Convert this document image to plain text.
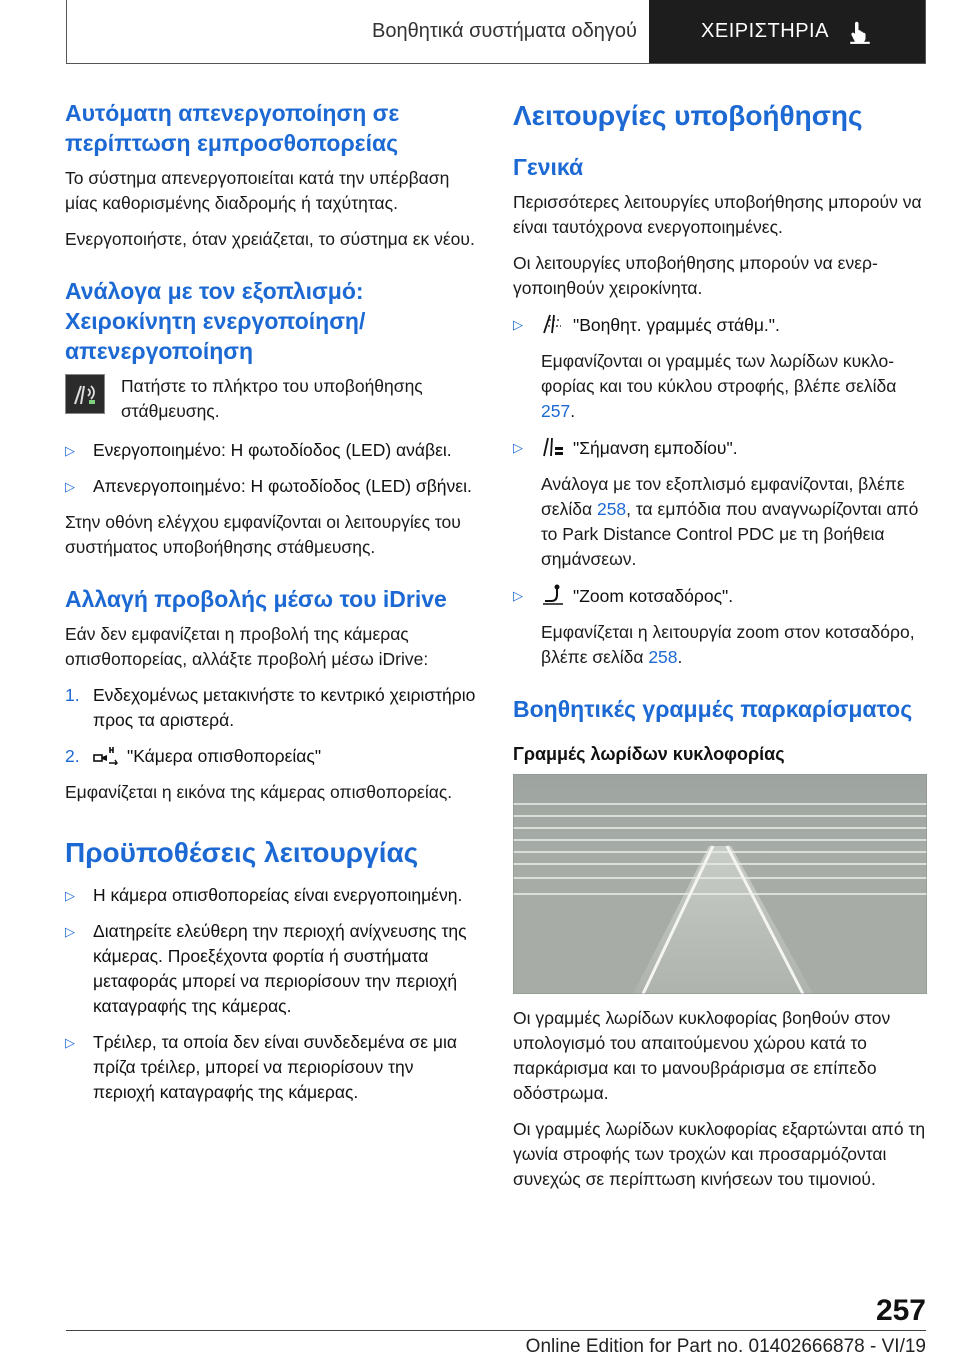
Βοηθητικά συστήματα οδηγού	ΧΕΙΡΙΣΤΗΡΙΑ
Αυτόματη απενεργοποίηση σε περίπτωση εμπροσθοπορείας

Το σύστημα απενεργοποιείται κατά την υπέρβαση μίας καθορισμένης διαδρομής ή ταχύτητας.

Ενεργοποιήστε, όταν χρειάζεται, το σύστημα εκ νέου.

Ανάλογα με τον εξοπλισμό: Χειροκίνητη ενεργοποίηση/ απενεργοποίηση

Πατήστε το πλήκτρο του υποβοήθησης στάθμευσης.

▷	Ενεργοποιημένο: Η φωτοδίοδος (LED) ανάβει.
▷	Απενεργοποιημένο: Η φωτοδίοδος (LED) σβήνει.

Στην οθόνη ελέγχου εμφανίζονται οι λειτουργίες του συστήματος υποβοήθησης στάθμευσης.

Αλλαγή προβολής μέσω του iDrive

Εάν δεν εμφανίζεται η προβολή της κάμερας οπισθοπορείας, αλλάξτε προβολή μέσω iDrive:

1. Ενδεχομένως μετακινήστε το κεντρικό χειριστήριο προς τα αριστερά.
2.	"Κάμερα οπισθοπορείας"

Εμφανίζεται η εικόνα της κάμερας οπισθοπορείας.

Προϋποθέσεις λειτουργίας
▷	Η κάμερα οπισθοπορείας είναι ενεργοποιημένη.
▷	Διατηρείτε ελεύθερη την περιοχή ανίχνευσης της κάμερας. Προεξέχοντα φορτία ή συστήματα μεταφοράς μπορεί να περιορίσουν την περιοχή καταγραφής της κάμερας.
▷	Τρέιλερ, τα οποία δεν είναι συνδεδεμένα σε μια πρίζα τρέιλερ, μπορεί να περιορίσουν την περιοχή καταγραφής της κάμερας.
Λειτουργίες υποβοήθησης
Γενικά

Περισσότερες λειτουργίες υποβοήθησης μπορούν να είναι ταυτόχρονα ενεργοποιημένες.

Οι λειτουργίες υποβοήθησης μπορούν να ενεργοποιηθούν χειροκίνητα.

▷	"Βοηθητ. γραμμές στάθμ.".

Εμφανίζονται οι γραμμές των λωρίδων κυκλοφορίας και του κύκλου στροφής, βλέπε σελίδα 257.

▷	"Σήμανση εμποδίου".

Ανάλογα με τον εξοπλισμό εμφανίζονται, βλέπε σελίδα 258, τα εμπόδια που αναγνωρίζονται από το Park Distance Control PDC με τη βοήθεια σημάνσεων.

▷	"Zoom κοτσαδόρος".

Εμφανίζεται η λειτουργία zoom στον κοτσαδόρο, βλέπε σελίδα 258.

Βοηθητικές γραμμές παρκαρίσματος
Γραμμές λωρίδων κυκλοφορίας

Οι γραμμές λωρίδων κυκλοφορίας βοηθούν στον υπολογισμό του απαιτούμενου χώρου κατά το παρκάρισμα και το μανουβράρισμα σε επίπεδο οδόστρωμα.

Οι γραμμές λωρίδων κυκλοφορίας εξαρτώνται από τη γωνία στροφής των τροχών και προσαρμόζονται συνεχώς σε περίπτωση κινήσεων του τιμονιού.

257
Online Edition for Part no. 01402666878 - VI/19
